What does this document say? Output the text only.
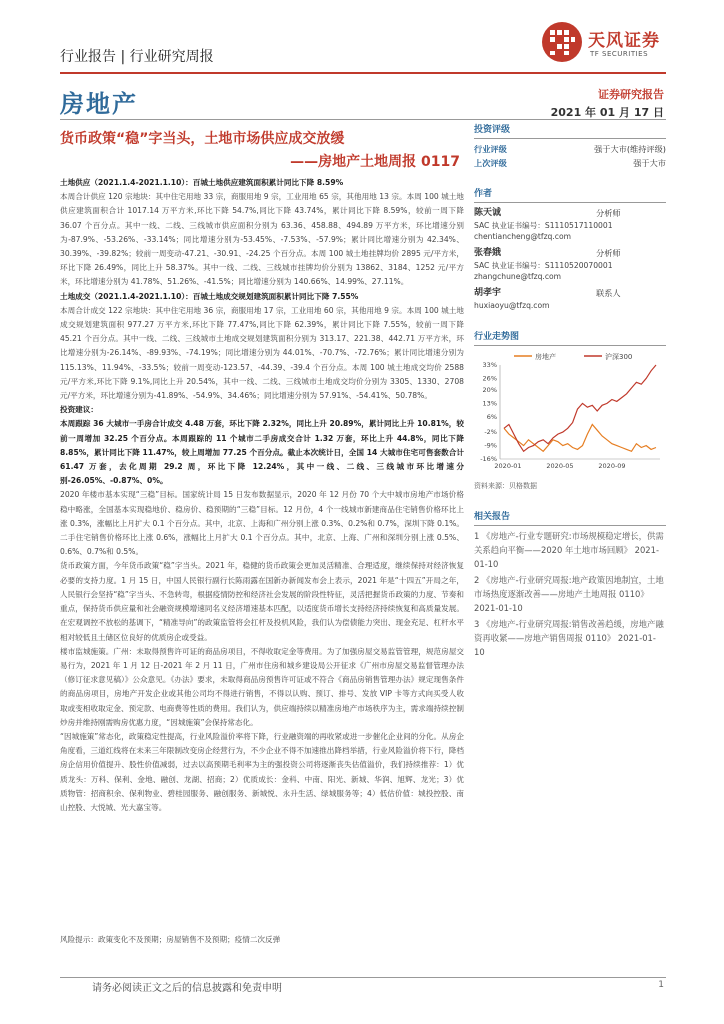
行业报告 | 行业研究周报
天风证券
TF SECURITIES
房地产	证券研究报告
2021 年 01 月 17 日
货币政策“稳”字当头，土地市场供应成交放缓
——房地产土地周报 0117

土地供应（2021.1.4-2021.1.10）：百城土地供应建筑面积累计同比下降 8.59%

本周合计供应 120 宗地块：其中住宅用地 33 宗，商服用地 9 宗，工业用地 65 宗，其他用地 13 宗。本周 100 城土地供应建筑面积合计 1017.14 万平方米,环比下降 54.7%,同比下降 43.74%，累计同比下降 8.59%，较前一周下降 36.07 个百分点。其中一线、二线、三线城市供应面积分别为 63.36、458.88、494.89 万平方米，环比增速分别为-87.9%、-53.26%、-33.14%；同比增速分别为-53.45%、-7.53%、-57.9%；累计同比增速分别为 42.34%、30.39%、-39.82%；较前一周变动-47.21、-30.91、-24.25 个百分点。本周 100 城土地挂牌均价 2895 元/平方米，环比下降 26.49%，同比上升 58.37%。其中一线、二线、三线城市挂牌均价分别为 13862、3184、1252 元/平方米，环比增速分别为 41.78%、51.26%、-41.5%；同比增速分别为 140.66%、14.99%、27.11%。

土地成交（2021.1.4-2021.1.10）：百城土地成交规划建筑面积累计同比下降 7.55%

本周合计成交 122 宗地块：其中住宅用地 36 宗，商服用地 17 宗，工业用地 60 宗，其他用地 9 宗。本周 100 城土地成交规划建筑面积 977.27 万平方米,环比下降 77.47%,同比下降 62.39%，累计同比下降 7.55%，较前一周下降 45.21 个百分点。其中一线、二线、三线城市土地成交规划建筑面积分别为 313.17、221.38、442.71 万平方米，环比增速分别为-26.14%、-89.93%、-74.19%；同比增速分别为 44.01%、-70.7%、-72.76%；累计同比增速分别为 115.13%、11.94%、-33.5%；较前一周变动-123.57、-44.39、-39.4 个百分点。本周 100 城土地成交均价 2588 元/平方米,环比下降 9.1%,同比上升 20.54%，其中一线、二线、三线城市土地成交均价分别为 3305、1330、2708 元/平方米，环比增速分别为-41.89%、-54.9%、34.46%；同比增速分别为 57.91%、-54.41%、50.78%。

投资建议：

本周跟踪 36 大城市一手房合计成交 4.48 万套，环比下降 2.32%，同比上升 20.89%，累计同比上升 10.81%，较前一周增加 32.25 个百分点。本周跟踪的 11 个城市二手房成交合计 1.32 万套，环比上升 44.8%，同比下降 8.85%，累计同比下降 11.47%，较上周增加 77.25 个百分点。截止本次统计日，全国 14 大城市住宅可售套数合计 61.47 万套，去化周期 29.2 周，环比下降 12.24%，其中一线、二线、三线城市环比增速分别-26.05%、-0.87%、0%。

2020 年楼市基本实现“三稳”目标。国家统计局 15 日发布数据显示，2020 年 12 月份 70 个大中城市房地产市场价格稳中略涨，全国基本实现稳地价、稳房价、稳预期的“三稳”目标。12 月份，4 个一线城市新建商品住宅销售价格环比上涨 0.3%，涨幅比上月扩大 0.1 个百分点。其中，北京、上海和广州分别上涨 0.3%、0.2%和 0.7%，深圳下降 0.1%。二手住宅销售价格环比上涨 0.6%，涨幅比上月扩大 0.1 个百分点。其中，北京、上海、广州和深圳分别上涨 0.5%、0.6%、0.7%和 0.5%。

货币政策方面，今年货币政策“稳”字当头。2021 年，稳健的货币政策会更加灵活精准、合理适度，继续保持对经济恢复必要的支持力度。1 月 15 日，中国人民银行副行长陈雨露在国新办新闻发布会上表示，2021 年是“十四五”开局之年，人民银行会坚持“稳”字当头、不急转弯，根据疫情防控和经济社会发展的阶段性特征，灵活把握货币政策的力度、节奏和重点，保持货币供应量和社会融资规模增速同名义经济增速基本匹配，以适度货币增长支持经济持续恢复和高质量发展。在宏观调控不放松的基调下，“精准导向”的政策监管将会扛杆及投机风险，我们认为偿债能力突出、现金充足、杠杆水平相对较低且土储区位良好的优质房企或受益。

楼市监城施策。广州：未取得预售许可证的商品房项目，不得收取定金等费用。为了加强房屋交易监管管理，规范房屋交易行为，2021 年 1 月 12 日-2021 年 2 月 11 日，广州市住房和城乡建设局公开征求《广州市房屋交易监督管理办法（修订征求意见稿）》公众意见。《办法》要求，未取得商品房预售许可证或不符合《商品房销售管理办法》规定现售条件的商品房项目，房地产开发企业或其他公司均不得进行销售，不得以认购、预订、排号、发放 VIP 卡等方式向买受人收取或变相收取定金、预定款、电商费等性质的费用。我们认为，供应端持续以精准房地产市场秩序为主，需求端持续控制炒房并维持刚需购房优惠力度，“因城施策”会保持常态化。

“因城施策”常态化，政策稳定性提高，行业风险溢价率将下降，行业融资端的再收紧或进一步催化企业间的分化。从房企角度看，三道红线将在未来三年限制改变房企经营行为，不少企业不得不加速推出降档举措，行业风险溢价将下行，降档房企信用价值提升、股性价值减弱，过去以高预期毛利率为主的强投资公司将逐渐丧失估值溢价，我们持续推荐：1）优质龙头：万科、保利、金地、融创、龙湖、招商；2）优质成长：金科、中南、阳光、新城、华润、旭辉、龙光；3）优质物管：招商积余、保利物业、碧桂园服务、融创服务、新城悦、永升生活、绿城服务等；4）低估价值：城投控股、南山控股、大悦城、光大嘉宝等。

风险提示：政策变化不及预期；房屋销售不及预期；疫情二次反弹
投资评级
行业评级	强于大市(维持评级)
上次评级	强于大市
作者
陈天诚	分析师
SAC 执业证书编号：S1110517110001
chentiancheng@tfzq.com
张春娥	分析师
SAC 执业证书编号：S1110520070001
zhangchune@tfzq.com
胡孝宇	联系人
huxiaoyu@tfzq.com
行业走势图
房地产	沪深300
-16%
-9%
-2%
6%
13%
20%
26%
33%
2020-01	2020-05	2020-09
资料来源：贝格数据
相关报告
1 《房地产-行业专题研究:市场规模稳定增长，供需关系趋向平衡——2020 年土地市场回顾》 2021-01-10
2 《房地产-行业研究周报:地产政策因地制宜，土地市场热度逐渐改善——房地产土地周报 0110》 2021-01-10
3 《房地产-行业研究周报:销售改善趋缓，房地产融资再收紧——房地产销售周报 0110》 2021-01-10
请务必阅读正文之后的信息披露和免责申明	1
